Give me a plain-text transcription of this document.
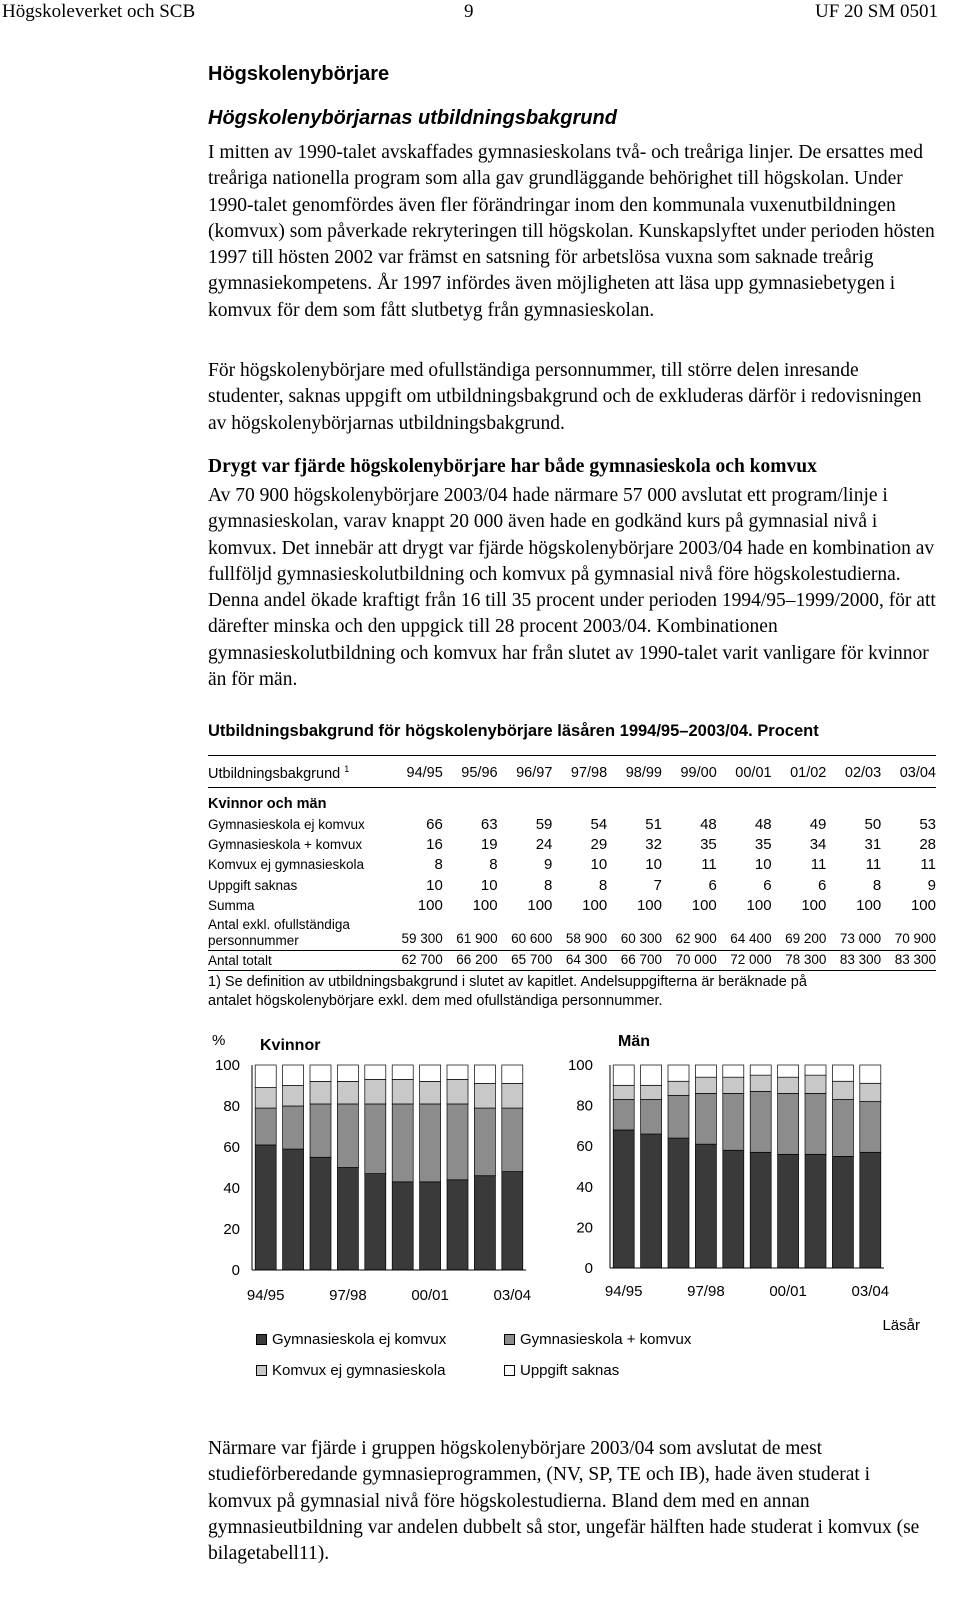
Högskoleverket och SCB	9	UF 20 SM 0501
Högskolenybörjare
Högskolenybörjarnas utbildningsbakgrund

I mitten av 1990-talet avskaffades gymnasieskolans två- och treåriga linjer. De ersattes med treåriga nationella program som alla gav grundläggande behörighet till högskolan. Under 1990-talet genomfördes även fler förändringar inom den kommunala vuxenutbildningen (komvux) som påverkade rekryteringen till högskolan. Kunskapslyftet under perioden hösten 1997 till hösten 2002 var främst en satsning för arbetslösa vuxna som saknade treårig gymnasiekompetens. År 1997 infördes även möjligheten att läsa upp gymnasiebetygen i komvux för dem som fått slutbetyg från gymnasieskolan.

För högskolenybörjare med ofullständiga personnummer, till större delen inresande studenter, saknas uppgift om utbildningsbakgrund och de exkluderas därför i redovisningen av högskolenybörjarnas utbildningsbakgrund.

Drygt var fjärde högskolenybörjare har både gymnasieskola och komvux

Av 70 900 högskolenybörjare 2003/04 hade närmare 57 000 avslutat ett program/linje i gymnasieskolan, varav knappt 20 000 även hade en godkänd kurs på gymnasial nivå i komvux. Det innebär att drygt var fjärde högskolenybörjare 2003/04 hade en kombination av fullföljd gymnasieskolutbildning och komvux på gymnasial nivå före högskolestudierna. Denna andel ökade kraftigt från 16 till 35 procent under perioden 1994/95–1999/2000, för att därefter minska och den uppgick till 28 procent 2003/04. Kombinationen gymnasieskolutbildning och komvux har från slutet av 1990-talet varit vanligare för kvinnor än för män.

Utbildningsbakgrund för högskolenybörjare läsåren 1994/95–2003/04. Procent
Utbildningsbakgrund $^1$	94/95	95/96	96/97	97/98	98/99	99/00	00/01	01/02	02/03	03/04
Kvinnor och män
Gymnasieskola ej komvux	66	63	59	54	51	48	48	49	50	53
Gymnasieskola + komvux	16	19	24	29	32	35	35	34	31	28
Komvux ej gymnasieskola	8	8	9	10	10	11	10	11	11	11
Uppgift saknas	10	10	8	8	7	6	6	6	8	9
Summa	100	100	100	100	100	100	100	100	100	100
Antal exkl. ofullständiga
personnummer	59 300	61 900	60 600	58 900	60 300	62 900	64 400	69 200	73 000	70 900
Antal totalt	62 700	66 200	65 700	64 300	66 700	70 000	72 000	78 300	83 300	83 300
1) Se definition av utbildningsbakgrund i slutet av kapitlet. Andelsuppgifterna är beräknade på
antalet högskolenybörjare exkl. dem med ofullständiga personnummer.
0
20
40
60
80
100
94/95	97/98	00/01	03/04
Kvinnor
%
0
20
40
60
80
100
94/95	97/98	00/01	03/04
Män
Läsår
Gymnasieskola ej komvux	Gymnasieskola + komvux
Komvux ej gymnasieskola	Uppgift saknas

Närmare var fjärde i gruppen högskolenybörjare 2003/04 som avslutat de mest studieförberedande gymnasieprogrammen, (NV, SP, TE och IB), hade även studerat i komvux på gymnasial nivå före högskolestudierna. Bland dem med en annan gymnasieutbildning var andelen dubbelt så stor, ungefär hälften hade studerat i komvux (se bilagetabell11).
